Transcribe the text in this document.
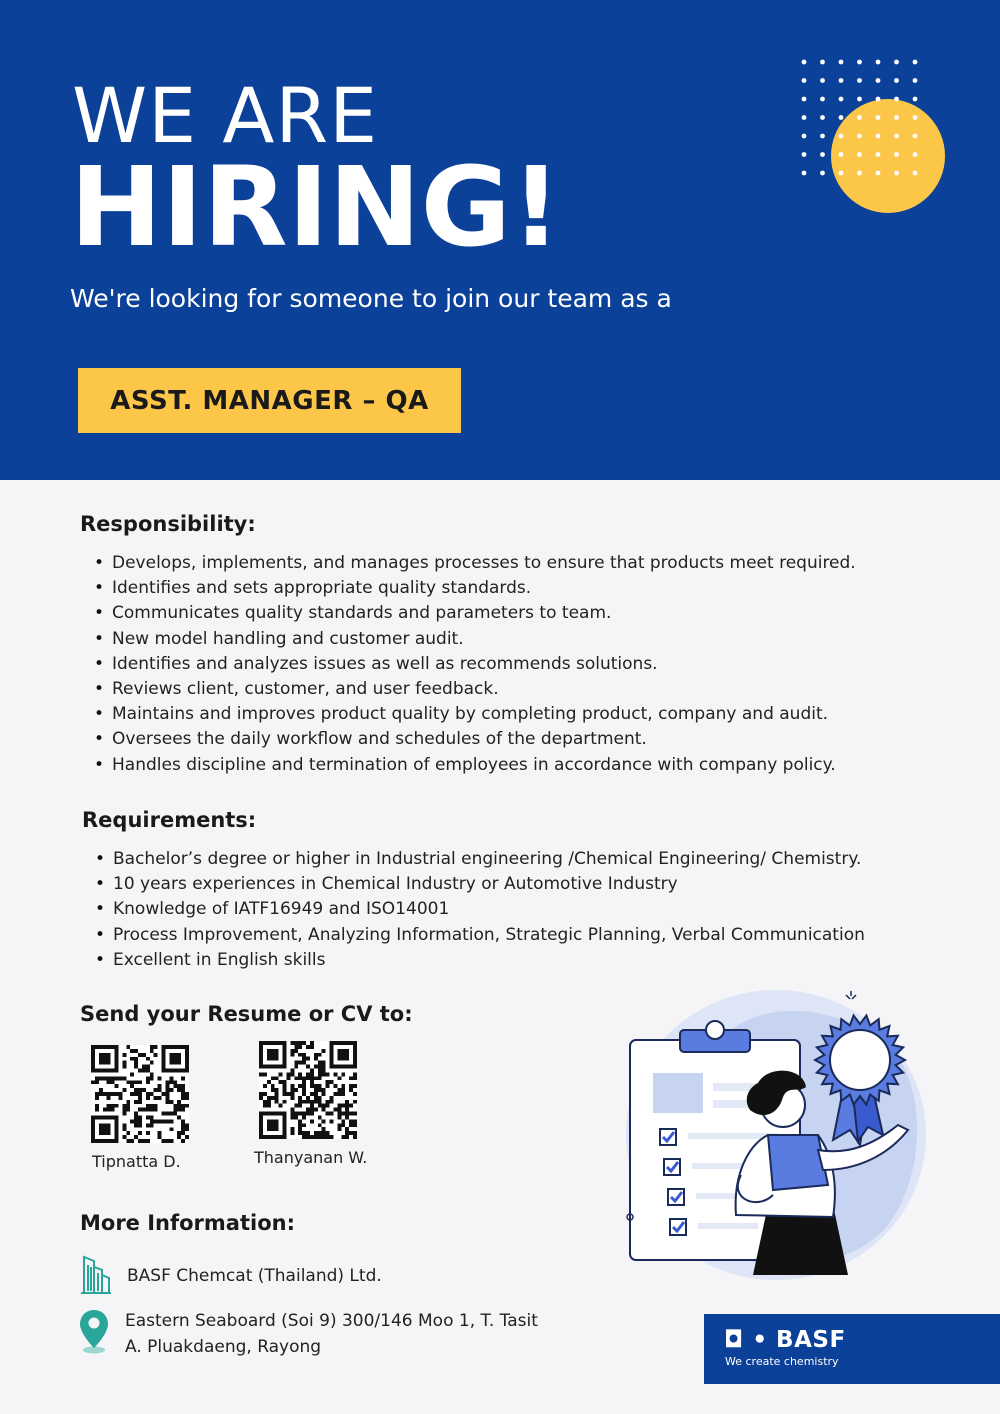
WE ARE
HIRING!
We're looking for someone to join our team as a
ASST. MANAGER – QA
Responsibility:
• Develops, implements, and manages processes to ensure that products meet required.
• Identifies and sets appropriate quality standards.
• Communicates quality standards and parameters to team.
• New model handling and customer audit.
• Identifies and analyzes issues as well as recommends solutions.
• Reviews client, customer, and user feedback.
• Maintains and improves product quality by completing product, company and audit.
• Oversees the daily workflow and schedules of the department.
• Handles discipline and termination of employees in accordance with company policy.
Requirements:
• Bachelor’s degree or higher in Industrial engineering /Chemical Engineering/ Chemistry.
• 10 years experiences in Chemical Industry or Automotive Industry
• Knowledge of IATF16949 and ISO14001
• Process Improvement, Analyzing Information, Strategic Planning, Verbal Communication
• Excellent in English skills
Send your Resume or CV to:
Tipnatta D.	Thanyanan W.
More Information:
BASF Chemcat (Thailand) Ltd.
Eastern Seaboard (Soi 9) 300/146 Moo 1, T. Tasit
A. Pluakdaeng, Rayong	◘ • BASF
We create chemistry
